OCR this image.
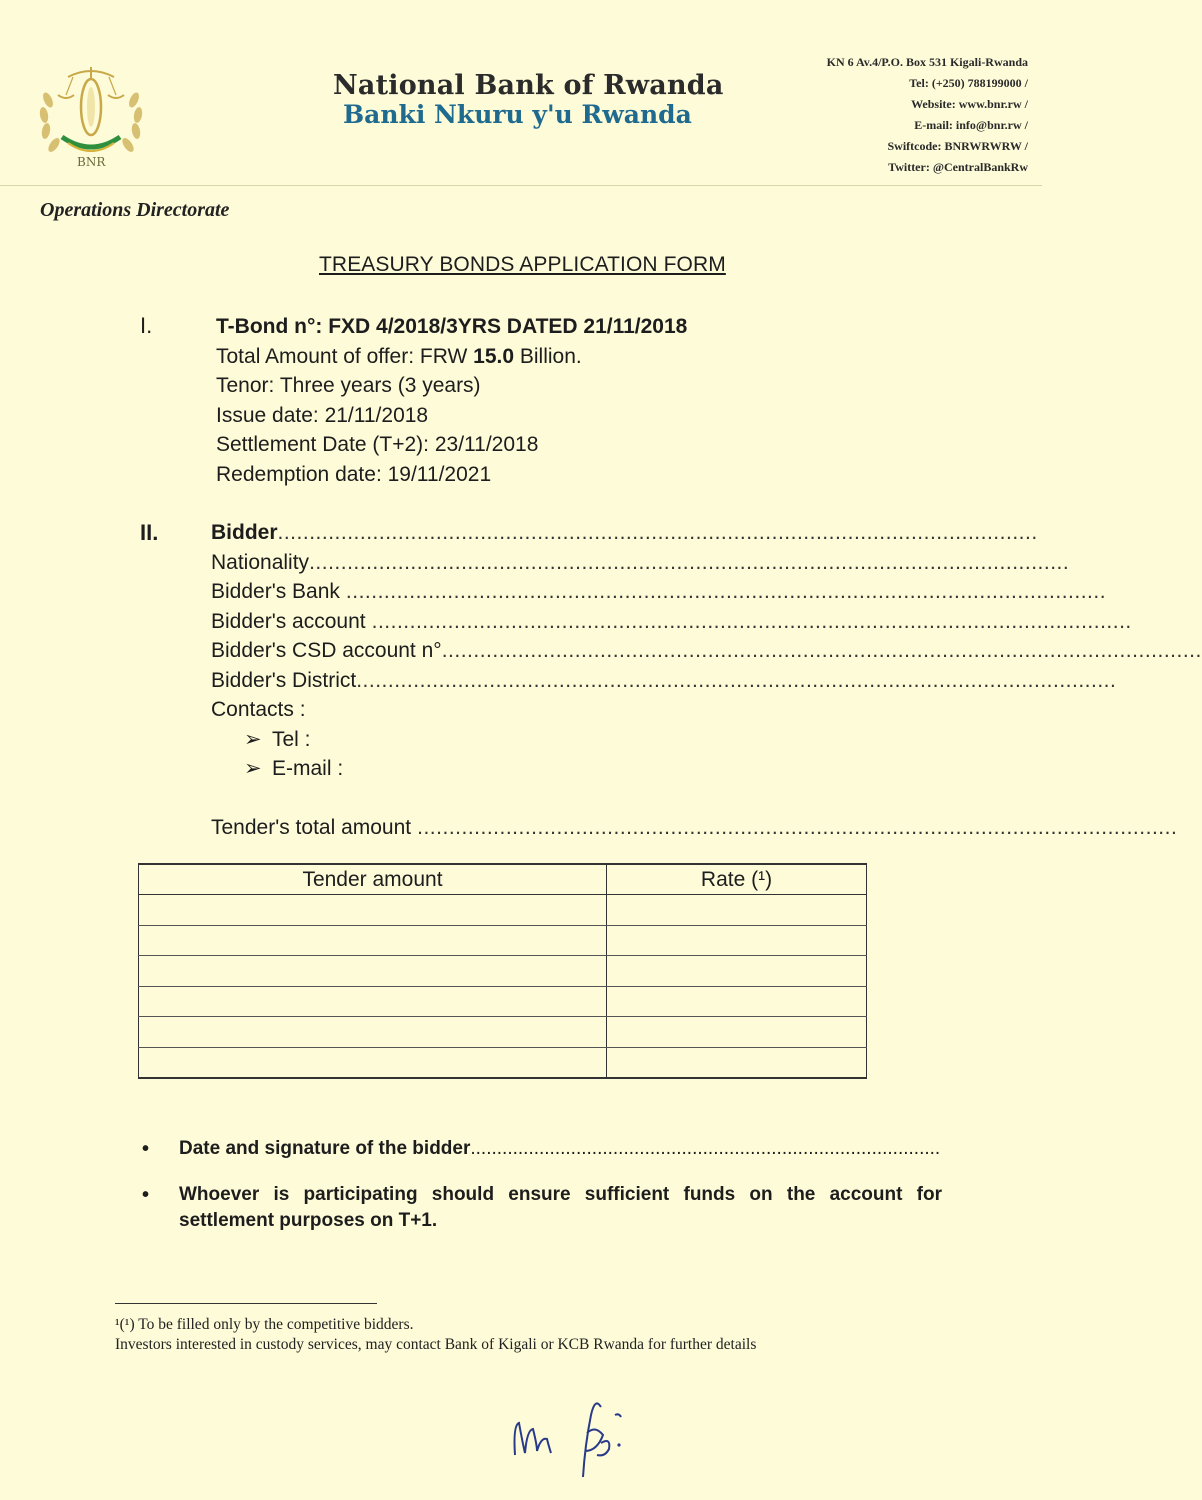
BNR
National Bank of Rwanda
Banki Nkuru y'u Rwanda
KN 6 Av.4/P.O. Box 531 Kigali-Rwanda
Tel: (+250) 788199000 /
Website: www.bnr.rw /
E-mail: info@bnr.rw /
Swiftcode: BNRWRWRW /
Twitter: @CentralBankRw
Operations Directorate
TREASURY BONDS APPLICATION FORM
I.	T-Bond n°: FXD 4/2018/3YRS DATED 21/11/2018
Total Amount of offer: FRW 15.0 Billion.
Tenor: Three years (3 years)
Issue date: 21/11/2018
Settlement Date (T+2): 23/11/2018
Redemption date: 19/11/2021
II.	Bidder ........................................................................................................................
Nationality ........................................................................................................................
Bidder's Bank ........................................................................................................................
Bidder's account ........................................................................................................................
Bidder's CSD account n° ........................................................................................................................
Bidder's District ........................................................................................................................
Contacts :
➢ Tel :
➢ E-mail :
Tender's total amount ........................................................................................................................
Tender amount	Rate (¹)

•	Date and signature of the bidder.........................................................................................
•	Whoever is participating should ensure sufficient funds on the account for settlement purposes on T+1.
¹(¹) To be filled only by the competitive bidders.
Investors interested in custody services, may contact Bank of Kigali or KCB Rwanda for further details
